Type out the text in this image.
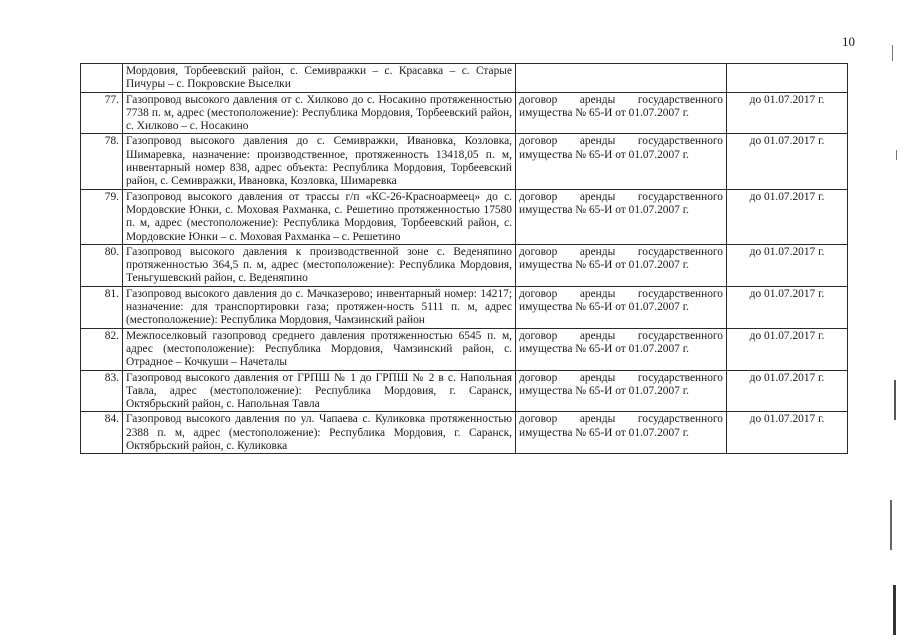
10
	Мордовия, Торбеевский район, с. Семивражки – с. Красавка – с. Старые Пичуры – с. Покровские Выселки		
77.	Газопровод высокого давления от с. Хилково до с. Носакино протяженностью 7738 п. м, адрес (местоположение): Республика Мордовия, Торбеевский район, с. Хилково – с. Носакино	договор аренды государственного имущества № 65-И от 01.07.2007 г.	до 01.07.2017 г.
78.	Газопровод высокого давления до с. Семивражки, Ивановка, Козловка, Шимаревка, назначение: производственное, протяженность 13418,05 п. м, инвентарный номер 838, адрес объекта: Республика Мордовия, Торбеевский район, с. Семивражки, Ивановка, Козловка, Шимаревка	договор аренды государственного имущества № 65-И от 01.07.2007 г.	до 01.07.2017 г.
79.	Газопровод высокого давления от трассы г/п «КС-26-Красноармеец» до с. Мордовские Юнки, с. Моховая Рахманка, с. Решетино протяженностью 17580 п. м, адрес (местоположение): Республика Мордовия, Торбеевский район, с. Мордовские Юнки – с. Моховая Рахманка – с. Решетино	договор аренды государственного имущества № 65-И от 01.07.2007 г.	до 01.07.2017 г.
80.	Газопровод высокого давления к производственной зоне с. Веденяпино протяженностью 364,5 п. м, адрес (местоположение): Республика Мордовия, Теньгушевский район, с. Веденяпино	договор аренды государственного имущества № 65-И от 01.07.2007 г.	до 01.07.2017 г.
81.	Газопровод высокого давления до с. Мачказерово; инвентарный номер: 14217; назначение: для транспортировки газа; протяжен-ность 5111 п. м, адрес (местоположение): Республика Мордовия, Чамзинский район	договор аренды государственного имущества № 65-И от 01.07.2007 г.	до 01.07.2017 г.
82.	Межпоселковый газопровод среднего давления протяженностью 6545 п. м, адрес (местоположение): Республика Мордовия, Чамзинский район, с. Отрадное – Кочкуши – Начеталы	договор аренды государственного имущества № 65-И от 01.07.2007 г.	до 01.07.2017 г.
83.	Газопровод высокого давления от ГРПШ № 1 до ГРПШ № 2 в с. Напольная Тавла, адрес (местоположение): Республика Мордовия, г. Саранск, Октябрьский район, с. Напольная Тавла	договор аренды государственного имущества № 65-И от 01.07.2007 г.	до 01.07.2017 г.
84.	Газопровод высокого давления по ул. Чапаева с. Куликовка протяженностью 2388 п. м, адрес (местоположение): Республика Мордовия, г. Саранск, Октябрьский район, с. Куликовка	договор аренды государственного имущества № 65-И от 01.07.2007 г.	до 01.07.2017 г.
